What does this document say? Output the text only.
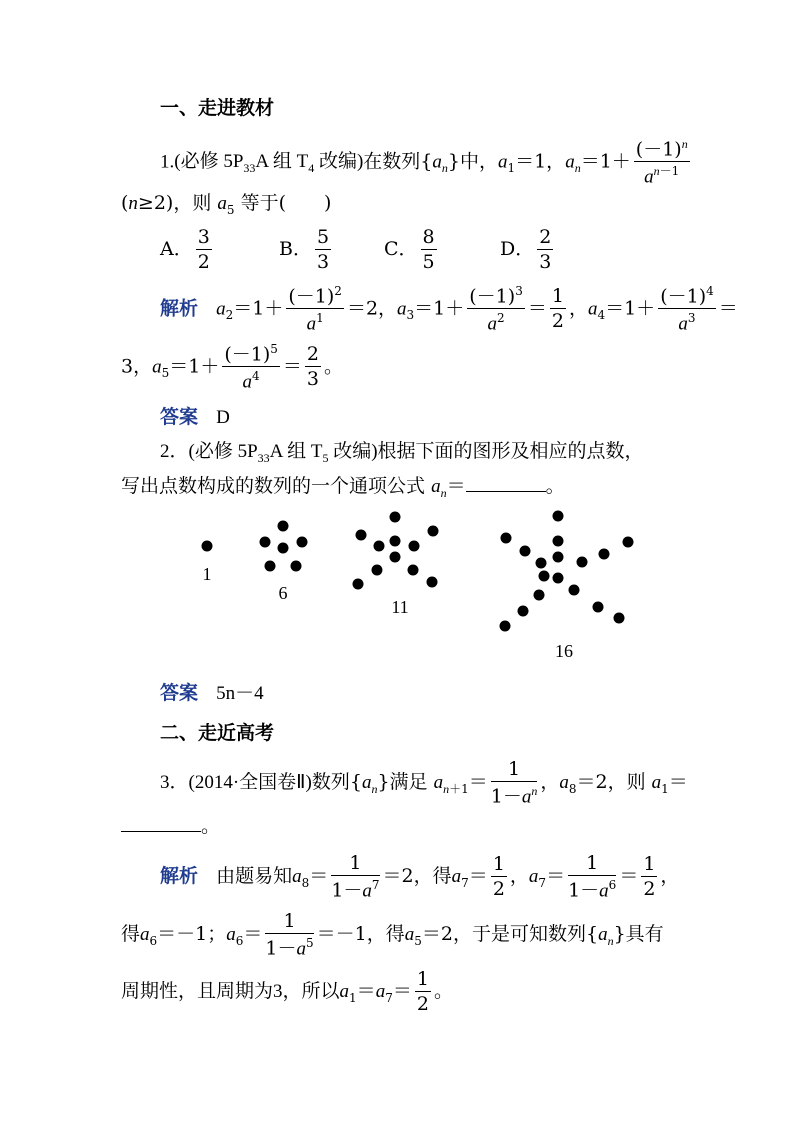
一、走进教材
1.(必修 $5P_{33}A$ 组 $T_4$ 改编)在数列$\{a_n\}$中，$a_1=1$，$a_n=1+ \frac{(-1)^n}{a^{n-1}}$
(n≥2)，则 $a_5$ 等于(　　)
A． $\frac{3}{2}$	B． $\frac{5}{3}$	C． $\frac{8}{5}$	D． $\frac{2}{3}$
解析 $a_2=1+ \frac{(-1)^2}{a^1} =2$，$a_3=1+ \frac{(-1)^3}{a^2} = \frac{1}{2}$ ，$a_4=1+ \frac{(-1)^4}{a^3}$ ＝
3，$a_5=1+ \frac{(-1)^5}{a^4} = \frac{2}{3}$ 。
答案 D
2．(必修 $5P_{33}A$ 组 $T_5$ 改编)根据下面的图形及相应的点数，
写出点数构成的数列的一个通项公式 $a_n=$	。
1
6
11
16
答案 5n－4
二、走近高考
3．(2014·全国卷Ⅱ)数列$\{a_n\}$满足 $a_{n+1}= \frac{1}{1-a^n}$ ，$a_8=2$，则 $a_1=$
。
解析 由题易知$a_8= \frac{1}{1-a^7} =2$，得$a_7= \frac{1}{2}$ ，$a_7= \frac{1}{1-a^6} = \frac{1}{2}$ ，
得$a_6=-1$；$a_6= \frac{1}{1-a^5} =-1$，得$a_5=2$，于是可知数列$\{a_n\}$具有
周期性，且周期为3，所以$a_1=a_7= \frac{1}{2}$ 。
